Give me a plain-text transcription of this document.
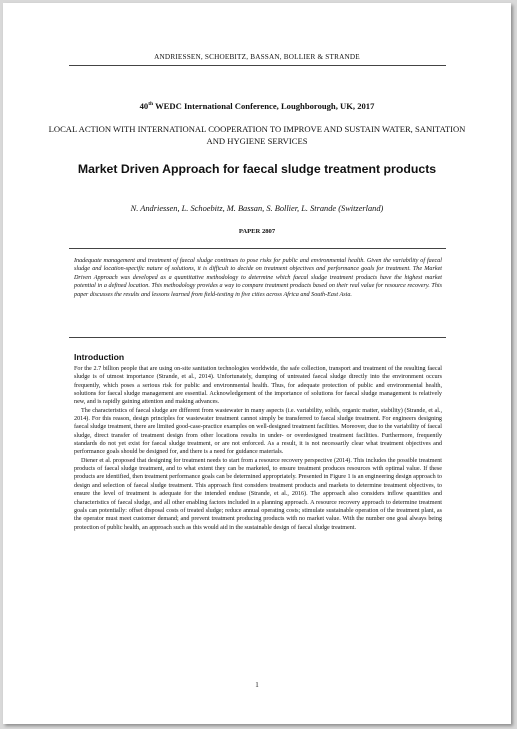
ANDRIESSEN, SCHOEBITZ, BASSAN, BOLLIER & STRANDE
40th WEDC International Conference, Loughborough, UK, 2017
LOCAL ACTION WITH INTERNATIONAL COOPERATION TO IMPROVE AND SUSTAIN WATER, SANITATION AND HYGIENE SERVICES
Market Driven Approach for faecal sludge treatment products
N. Andriessen, L. Schoebitz, M. Bassan, S. Bollier, L. Strande (Switzerland)
PAPER 2807
Inadequate management and treatment of faecal sludge continues to pose risks for public and environmental health. Given the variability of faecal sludge and location-specific nature of solutions, it is difficult to decide on treatment objectives and performance goals for treatment. The Market Driven Approach was developed as a quantitative methodology to determine which faecal sludge treatment products have the highest market potential in a defined location. This methodology provides a way to compare treatment products based on their real value for resource recovery. This paper discusses the results and lessons learned from field-testing in five cities across Africa and South-East Asia.
Introduction

For the 2.7 billion people that are using on-site sanitation technologies worldwide, the safe collection, transport and treatment of the resulting faecal sludge is of utmost importance (Strande, et al., 2014). Unfortunately, dumping of untreated faecal sludge directly into the environment occurs frequently, which poses a serious risk for public and environmental health. Thus, for adequate protection of public and environmental health, solutions for faecal sludge management are essential. Acknowledgement of the importance of solutions for faecal sludge management is relatively new, and is rapidly gaining attention and making advances.

The characteristics of faecal sludge are different from wastewater in many aspects (i.e. variability, solids, organic matter, stability) (Strande, et al., 2014). For this reason, design principles for wastewater treatment cannot simply be transferred to faecal sludge treatment. For engineers designing faecal sludge treatment, there are limited good-case-practice examples on well-designed treatment facilities. Moreover, due to the variability of faecal sludge, direct transfer of treatment design from other locations results in under- or overdesigned treatment facilities. Furthermore, frequently standards do not yet exist for faecal sludge treatment, or are not enforced. As a result, it is not necessarily clear what treatment objectives and performance goals should be designed for, and there is a need for guidance materials.

Diener et al. proposed that designing for treatment needs to start from a resource recovery perspective (2014). This includes the possible treatment products of faecal sludge treatment, and to what extent they can be marketed, to ensure treatment produces resources with optimal value. If these products are identified, then treatment performance goals can be determined appropriately. Presented in Figure 1 is an engineering design approach to design and selection of faecal sludge treatment. This approach first considers treatment products and markets to determine treatment objectives, to ensure the level of treatment is adequate for the intended enduse (Strande, et al., 2016). The approach also considers inflow quantities and characteristics of faecal sludge, and all other enabling factors included in a planning approach. A resource recovery approach to determine treatment goals can potentially: offset disposal costs of treated sludge; reduce annual operating costs; stimulate sustainable operation of the treatment plant, as the operator must meet customer demand; and prevent treatment producing products with no market value. With the number one goal always being protection of public health, an approach such as this would aid in the sustainable design of faecal sludge treatment.

1
